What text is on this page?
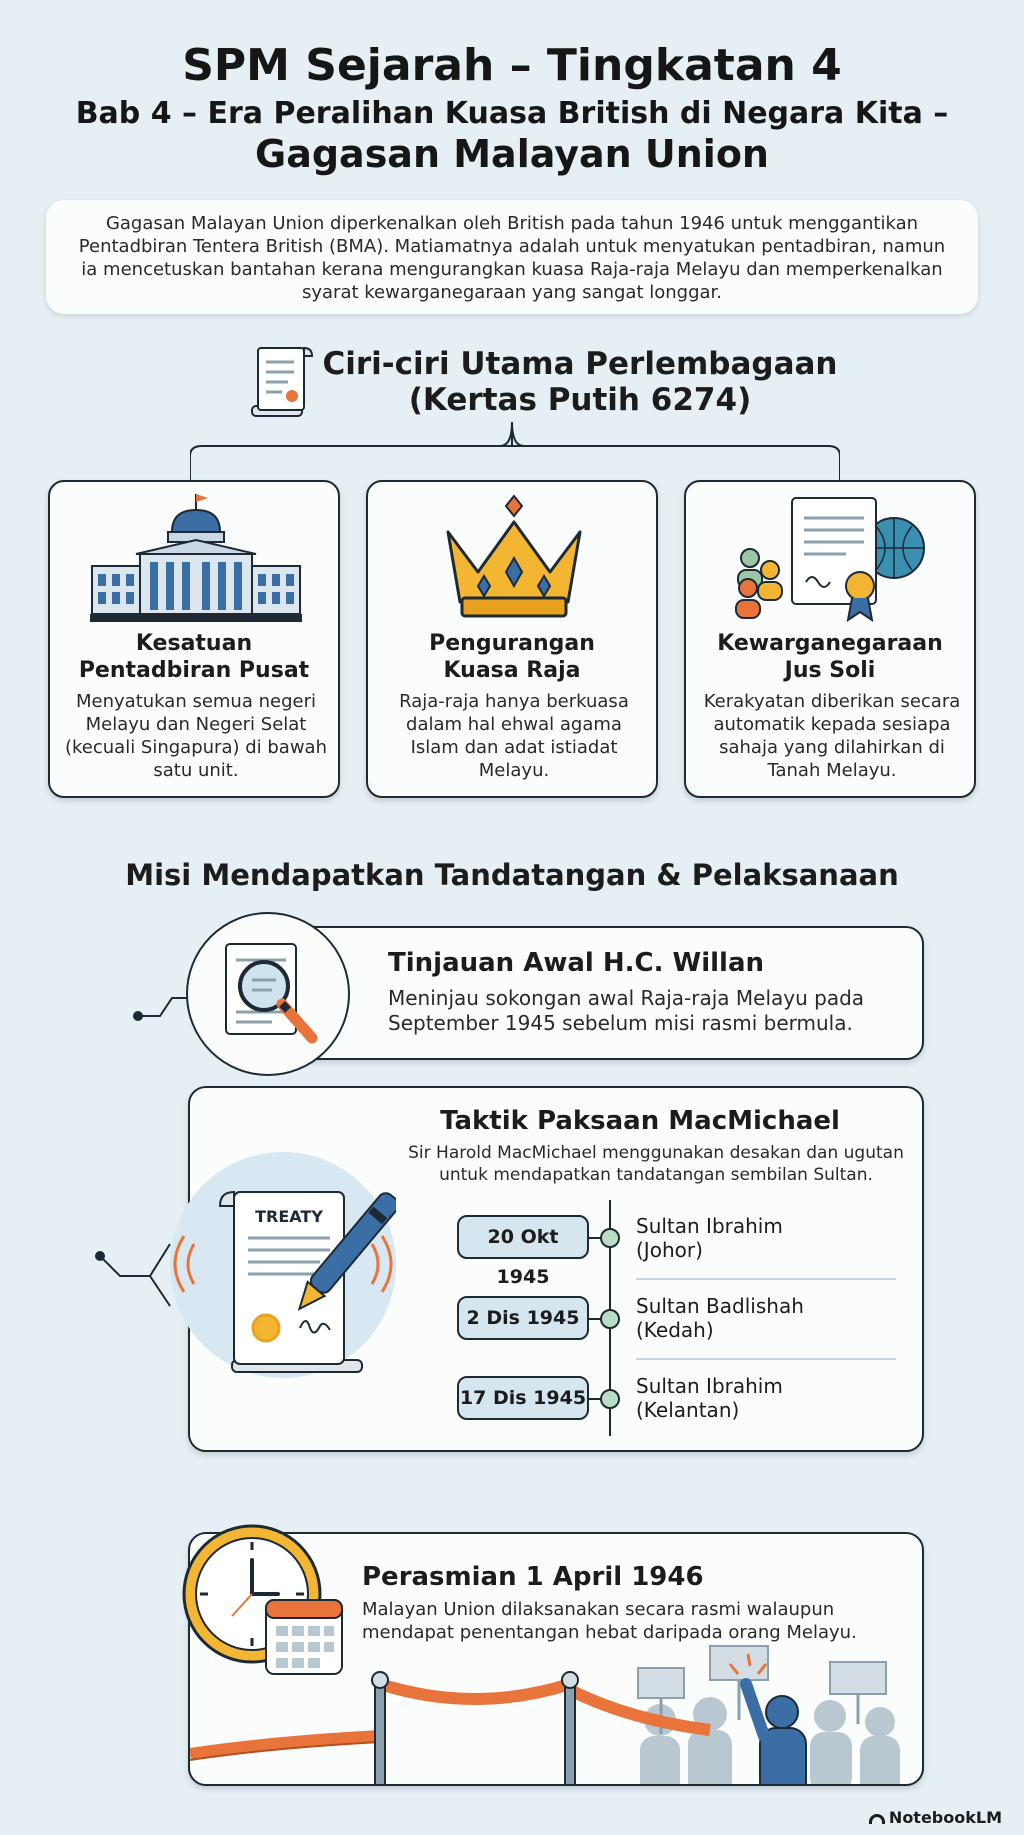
SPM Sejarah – Tingkatan 4
Bab 4 – Era Peralihan Kuasa British di Negara Kita –
Gagasan Malayan Union

Gagasan Malayan Union diperkenalkan oleh British pada tahun 1946 untuk menggantikan Pentadbiran Tentera British (BMA). Matiamatnya adalah untuk menyatukan pentadbiran, namun ia mencetuskan bantahan kerana mengurangkan kuasa Raja-raja Melayu dan memperkenalkan syarat kewarganegaraan yang sangat longgar.

Ciri-ciri Utama Perlembagaan
(Kertas Putih 6274)
Kesatuan
Pentadbiran Pusat
Menyatukan semua negeri Melayu dan Negeri Selat (kecuali Singapura) di bawah satu unit.
Pengurangan
Kuasa Raja
Raja-raja hanya berkuasa dalam hal ehwal agama Islam dan adat istiadat Melayu.
Kewarganegaraan
Jus Soli
Kerakyatan diberikan secara automatik kepada sesiapa sahaja yang dilahirkan di Tanah Melayu.
Misi Mendapatkan Tandatangan & Pelaksanaan
Tinjauan Awal H.C. Willan
Meninjau sokongan awal Raja-raja Melayu pada September 1945 sebelum misi rasmi bermula.
TREATY
Taktik Paksaan MacMichael
Sir Harold MacMichael menggunakan desakan dan ugutan untuk mendapatkan tandatangan sembilan Sultan.
20 Okt 1945
Sultan Ibrahim
(Johor)
2 Dis 1945	Sultan Badlishah
(Kedah)
17 Dis 1945 Sultan Ibrahim
(Kelantan)
Perasmian 1 April 1946
Malayan Union dilaksanakan secara rasmi walaupun mendapat penentangan hebat daripada orang Melayu.
NotebookLM
